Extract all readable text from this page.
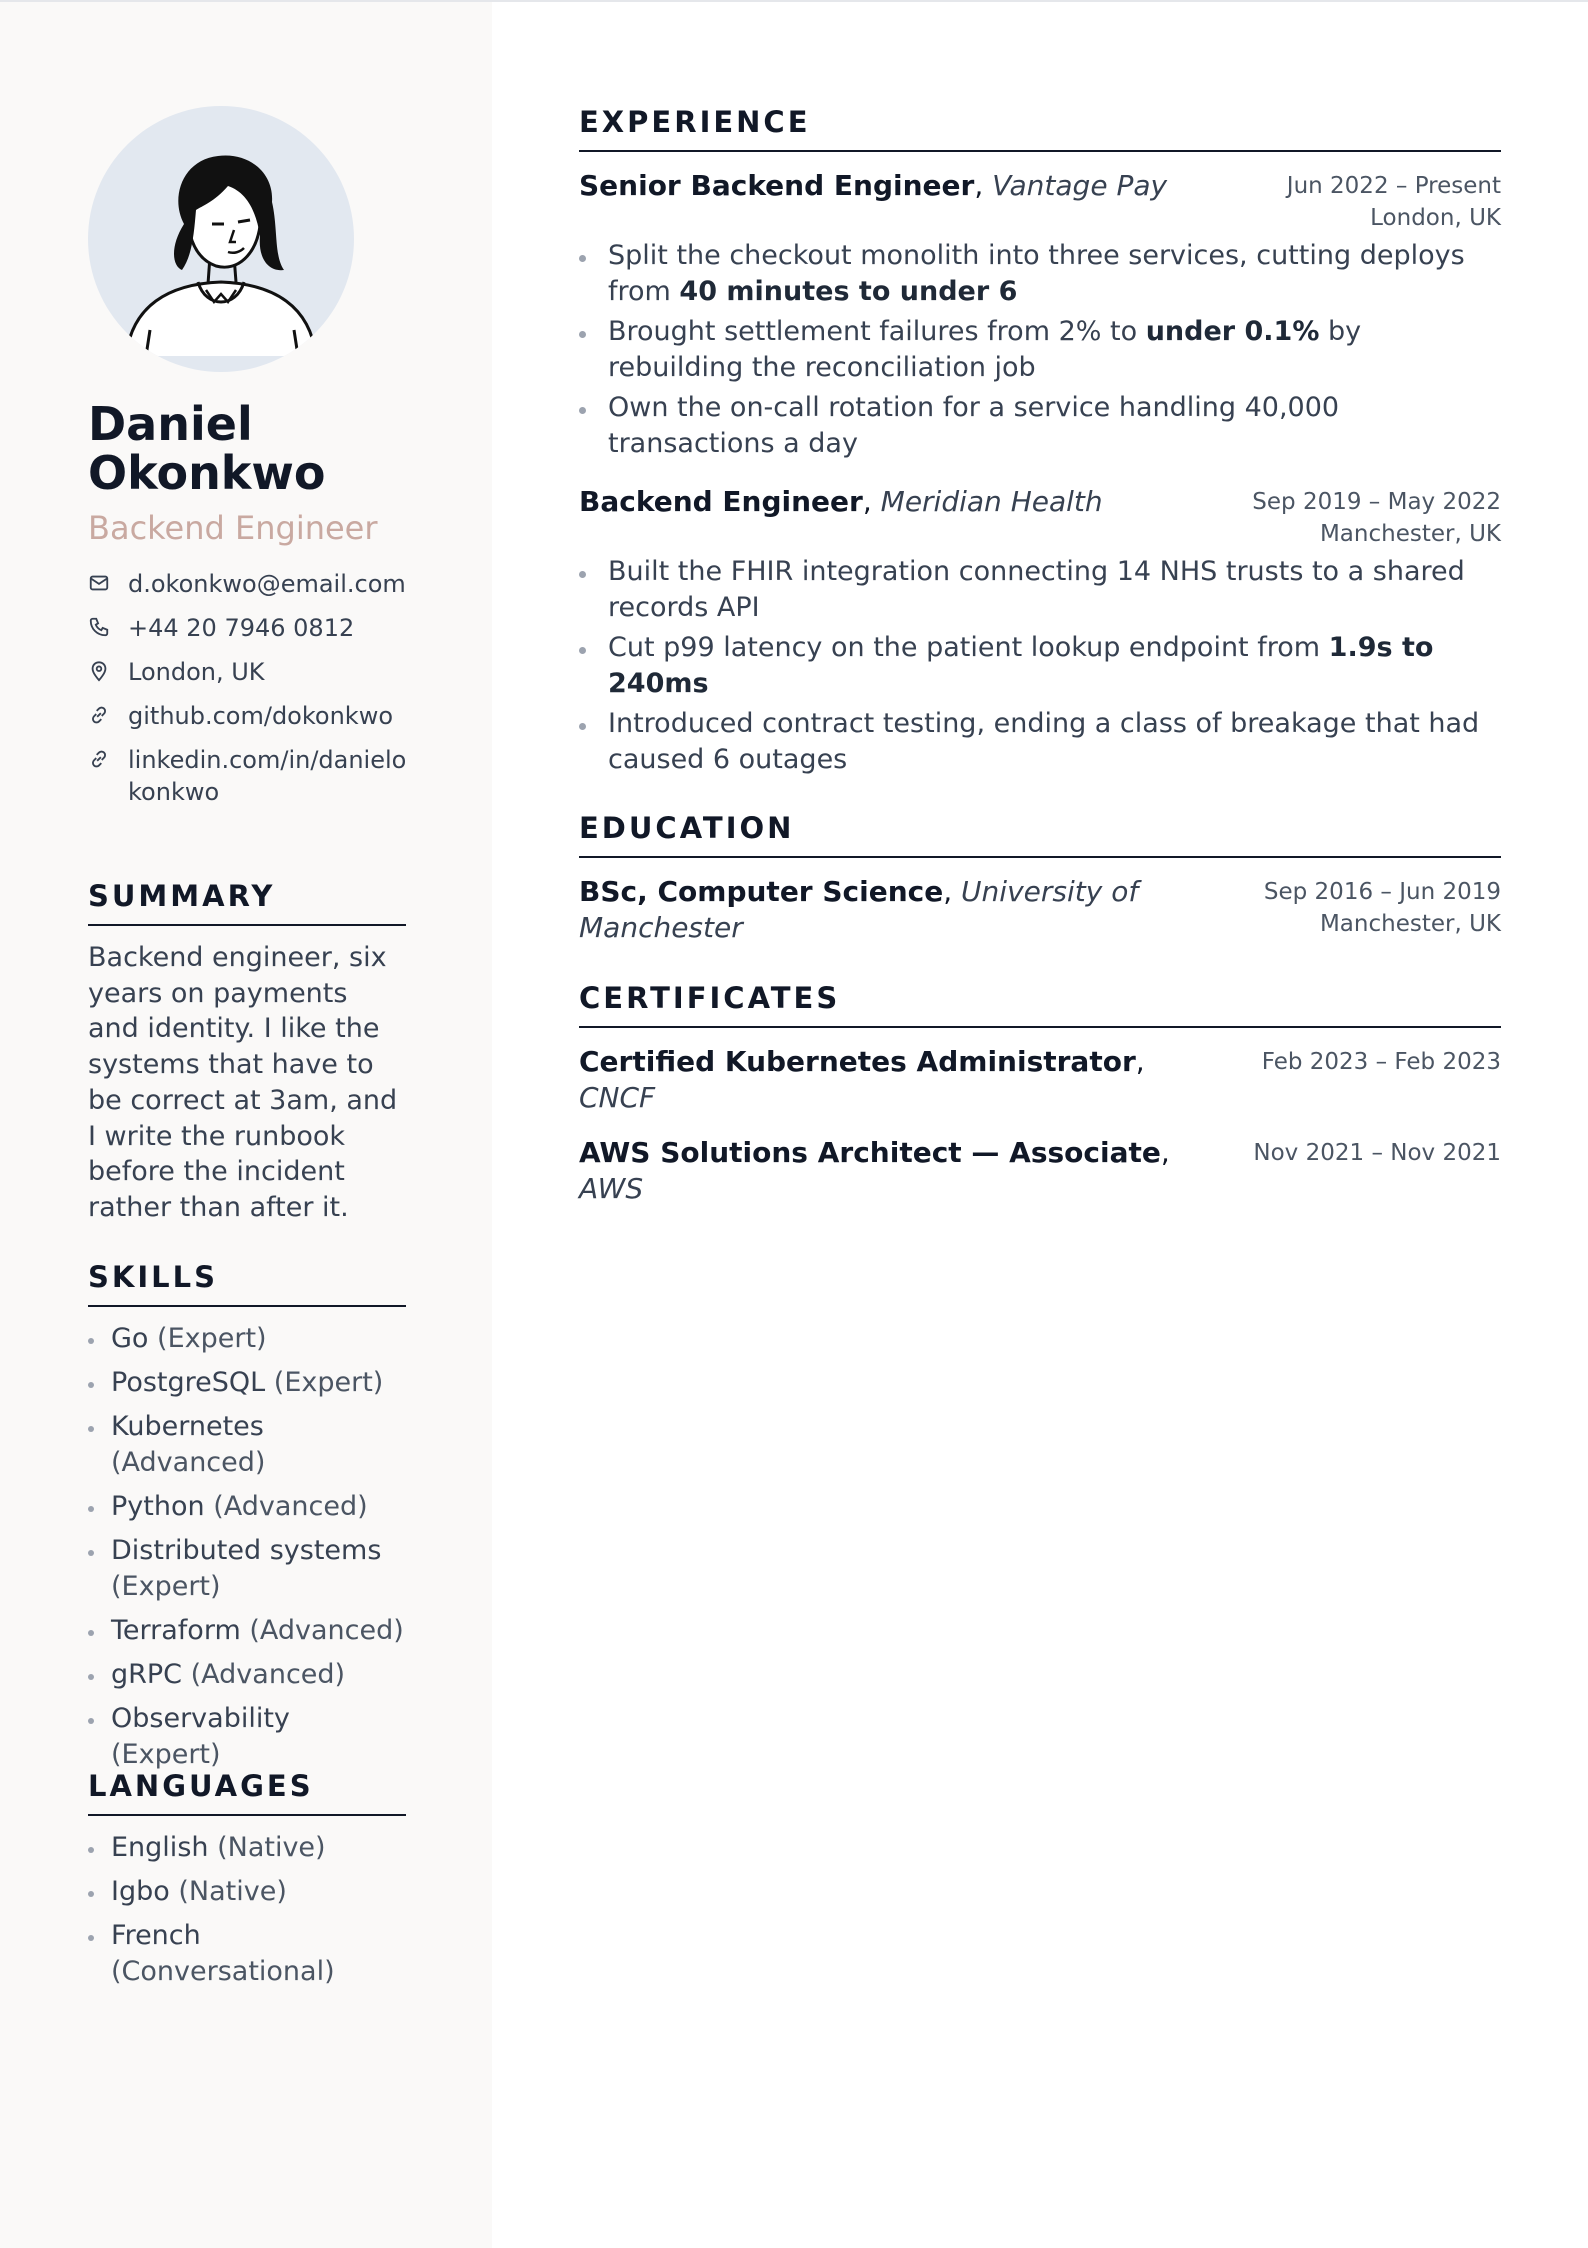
Daniel Okonkwo
Backend Engineer
d.okonkwo@email.com
+44 20 7946 0812
London, UK
github.com/dokonkwo
linkedin.com/in/danielokonkwo
SUMMARY

Backend engineer, six years on payments and identity. I like the systems that have to be correct at 3am, and I write the runbook before the incident rather than after it.

SKILLS
Go (Expert)
PostgreSQL (Expert)
Kubernetes (Advanced)
Python (Advanced)
Distributed systems (Expert)
Terraform (Advanced)
gRPC (Advanced)
Observability (Expert)
LANGUAGES
English (Native)
Igbo (Native)
French (Conversational)
EXPERIENCE
Senior Backend Engineer, Vantage Pay	Jun 2022 – Present
London, UK
Split the checkout monolith into three services, cutting deploys from 40 minutes to under 6
Brought settlement failures from 2% to under 0.1% by rebuilding the reconciliation job
Own the on-call rotation for a service handling 40,000 transactions a day
Backend Engineer, Meridian Health	Sep 2019 – May 2022
Manchester, UK
Built the FHIR integration connecting 14 NHS trusts to a shared records API
Cut p99 latency on the patient lookup endpoint from 1.9s to 240ms
Introduced contract testing, ending a class of breakage that had caused 6 outages
EDUCATION
BSc, Computer Science, University of Manchester
Sep 2016 – Jun 2019
Manchester, UK
CERTIFICATES
Certified Kubernetes Administrator, CNCF
Feb 2023 – Feb 2023
AWS Solutions Architect — Associate, AWS
Nov 2021 – Nov 2021
